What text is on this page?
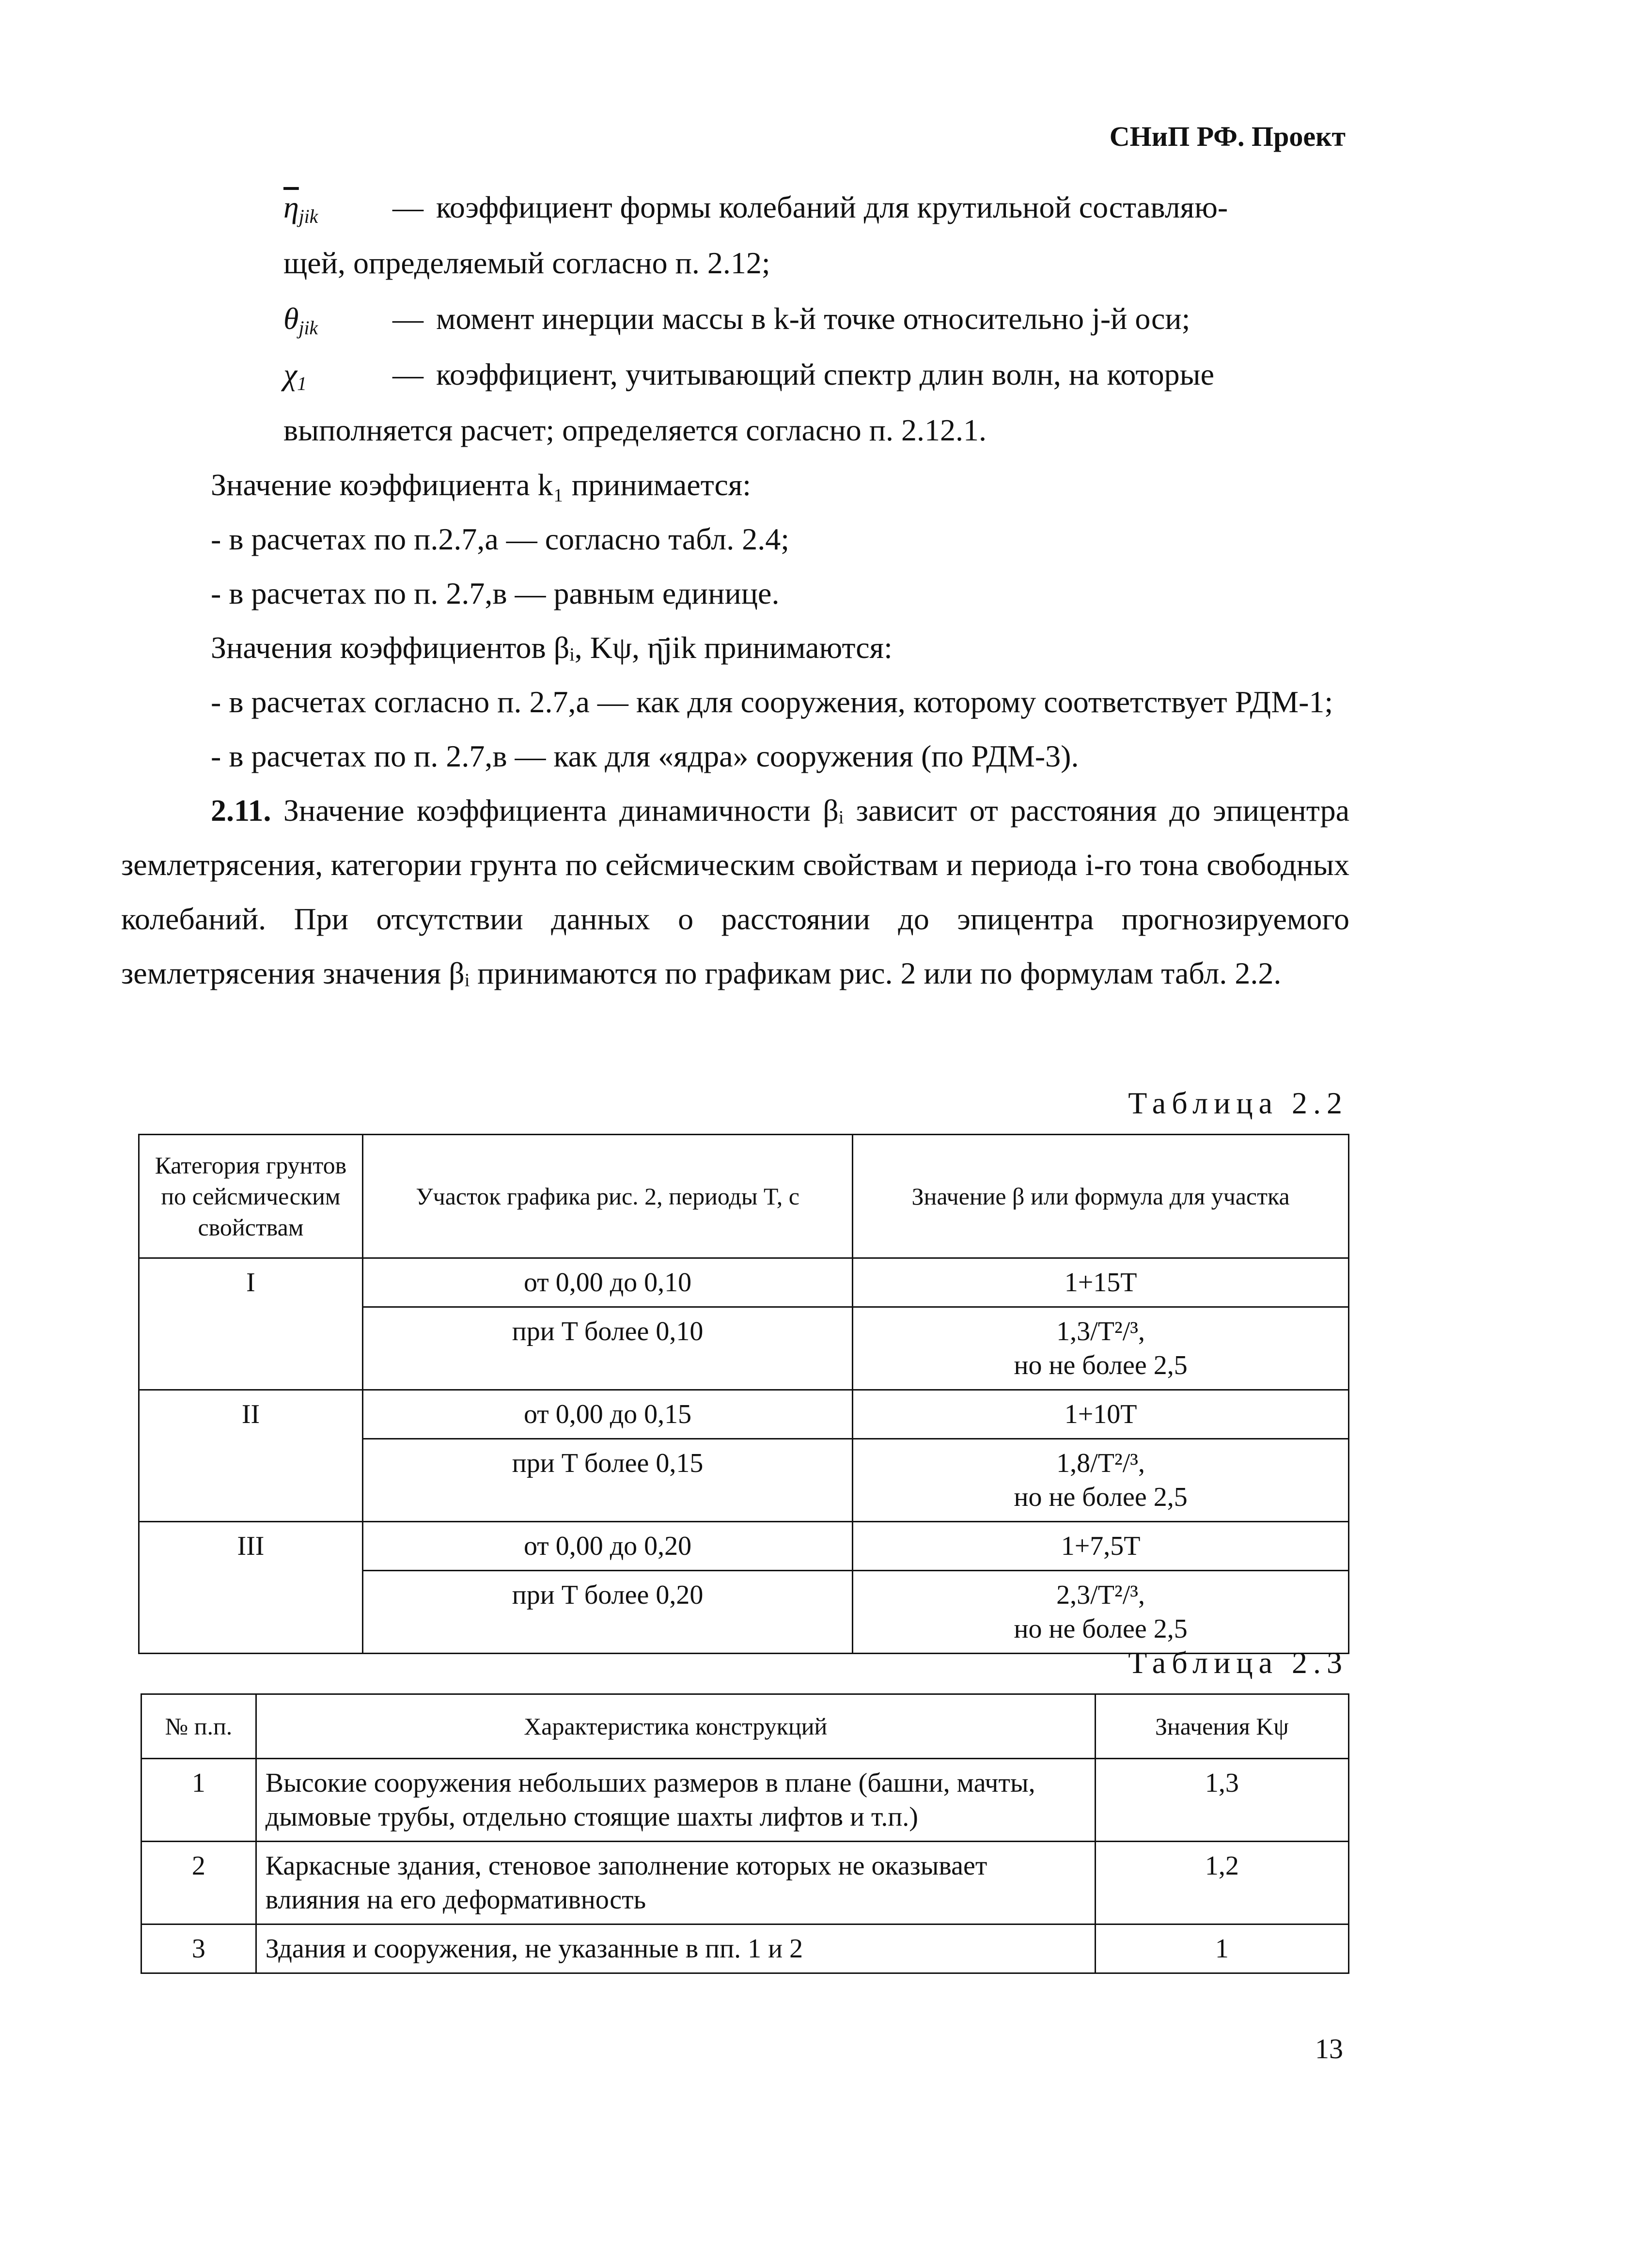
СНиП РФ. Проект
$\overline{\eta}_{jik}$	— коэффициент формы колебаний для крутильной составляю-
щей, определяемый согласно п. 2.12;
$\theta_{jik}$	— момент инерции массы в k-й точке относительно j-й оси;
$\chi_1$	— коэффициент, учитывающий спектр длин волн, на которые
выполняется расчет; определяется согласно п. 2.12.1.

Значение коэффициента k₁ принимается:

- в расчетах по п.2.7,а — согласно табл. 2.4;

- в расчетах по п. 2.7,в — равным единице.

Значения коэффициентов βᵢ, Kψ, η̄jik принимаются:

- в расчетах согласно п. 2.7,а — как для сооружения, которому соответствует РДМ-1;

- в расчетах по п. 2.7,в — как для «ядра» сооружения (по РДМ-3).

2.11. Значение коэффициента динамичности βᵢ зависит от расстояния до эпицентра землетрясения, категории грунта по сейсмическим свойствам и периода i-го тона свободных колебаний. При отсутствии данных о расстоянии до эпицентра прогнозируемого землетрясения значения βᵢ принимаются по графикам рис. 2 или по формулам табл. 2.2.

Таблица 2.2

Категория грунтов по сейсмическим свойствам	Участок графика рис. 2, периоды T, с	Значение β или формула для участка
I	от 0,00 до 0,10	1+15T
	при T более 0,10	1,3/T²/³,
но не более 2,5

II	от 0,00 до 0,15	1+10T
	при T более 0,15	1,8/T²/³,
но не более 2,5

III	от 0,00 до 0,20	1+7,5T
	при T более 0,20	2,3/T²/³,
но не более 2,5

Таблица 2.3

№ п.п.	Характеристика конструкций	Значения Kψ
1	Высокие сооружения небольших размеров в плане (башни, мачты, дымовые трубы, отдельно стоящие шахты лифтов и т.п.)	1,3
2	Каркасные здания, стеновое заполнение которых не оказывает влияния на его деформативность	1,2
3	Здания и сооружения, не указанные в пп. 1 и 2	1
13
